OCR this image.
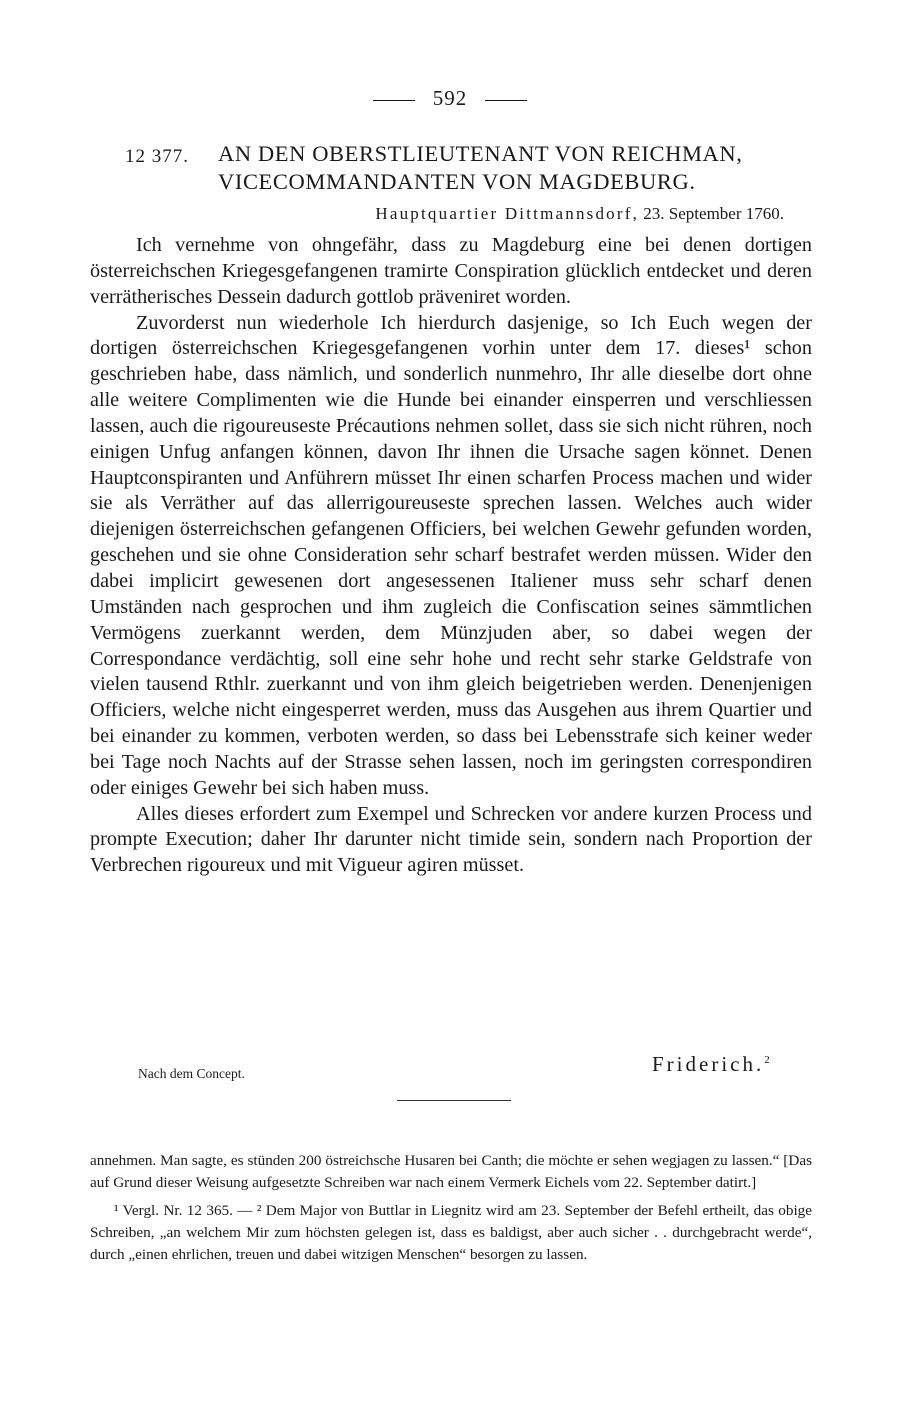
592
12 377. AN DEN OBERSTLIEUTENANT VON REICHMAN,
VICECOMMANDANTEN VON MAGDEBURG.
Hauptquartier Dittmannsdorf, 23. September 1760.

Ich vernehme von ohngefähr, dass zu Magdeburg eine bei denen dortigen österreichschen Kriegesgefangenen tramirte Conspiration glücklich entdecket und deren verrätherisches Dessein dadurch gottlob präveniret worden.

Zuvorderst nun wiederhole Ich hierdurch dasjenige, so Ich Euch wegen der dortigen österreichschen Kriegesgefangenen vorhin unter dem 17. dieses¹ schon geschrieben habe, dass nämlich, und sonderlich nunmehro, Ihr alle dieselbe dort ohne alle weitere Complimenten wie die Hunde bei einander einsperren und verschliessen lassen, auch die rigoureuseste Précautions nehmen sollet, dass sie sich nicht rühren, noch einigen Unfug anfangen können, davon Ihr ihnen die Ursache sagen könnet. Denen Hauptconspiranten und Anführern müsset Ihr einen scharfen Process machen und wider sie als Verräther auf das allerrigoureuseste sprechen lassen. Welches auch wider diejenigen österreichschen gefangenen Officiers, bei welchen Gewehr gefunden worden, geschehen und sie ohne Consideration sehr scharf bestrafet werden müssen. Wider den dabei implicirt gewesenen dort angesessenen Italiener muss sehr scharf denen Umständen nach gesprochen und ihm zugleich die Confiscation seines sämmtlichen Vermögens zuerkannt werden, dem Münzjuden aber, so dabei wegen der Correspondance verdächtig, soll eine sehr hohe und recht sehr starke Geldstrafe von vielen tausend Rthlr. zuerkannt und von ihm gleich beigetrieben werden. Denenjenigen Officiers, welche nicht eingesperret werden, muss das Ausgehen aus ihrem Quartier und bei einander zu kommen, verboten werden, so dass bei Lebensstrafe sich keiner weder bei Tage noch Nachts auf der Strasse sehen lassen, noch im geringsten correspondiren oder einiges Gewehr bei sich haben muss.

Alles dieses erfordert zum Exempel und Schrecken vor andere kurzen Process und prompte Execution; daher Ihr darunter nicht timide sein, sondern nach Proportion der Verbrechen rigoureux und mit Vigueur agiren müsset.

Nach dem Concept.	Friderich.$^2$

annehmen. Man sagte, es stünden 200 östreichsche Husaren bei Canth; die möchte er sehen wegjagen zu lassen.“ [Das auf Grund dieser Weisung aufgesetzte Schreiben war nach einem Vermerk Eichels vom 22. September datirt.]

¹ Vergl. Nr. 12 365. — ² Dem Major von Buttlar in Liegnitz wird am 23. September der Befehl ertheilt, das obige Schreiben, „an welchem Mir zum höchsten gelegen ist, dass es baldigst, aber auch sicher . . durchgebracht werde“, durch „einen ehrlichen, treuen und dabei witzigen Menschen“ besorgen zu lassen.
